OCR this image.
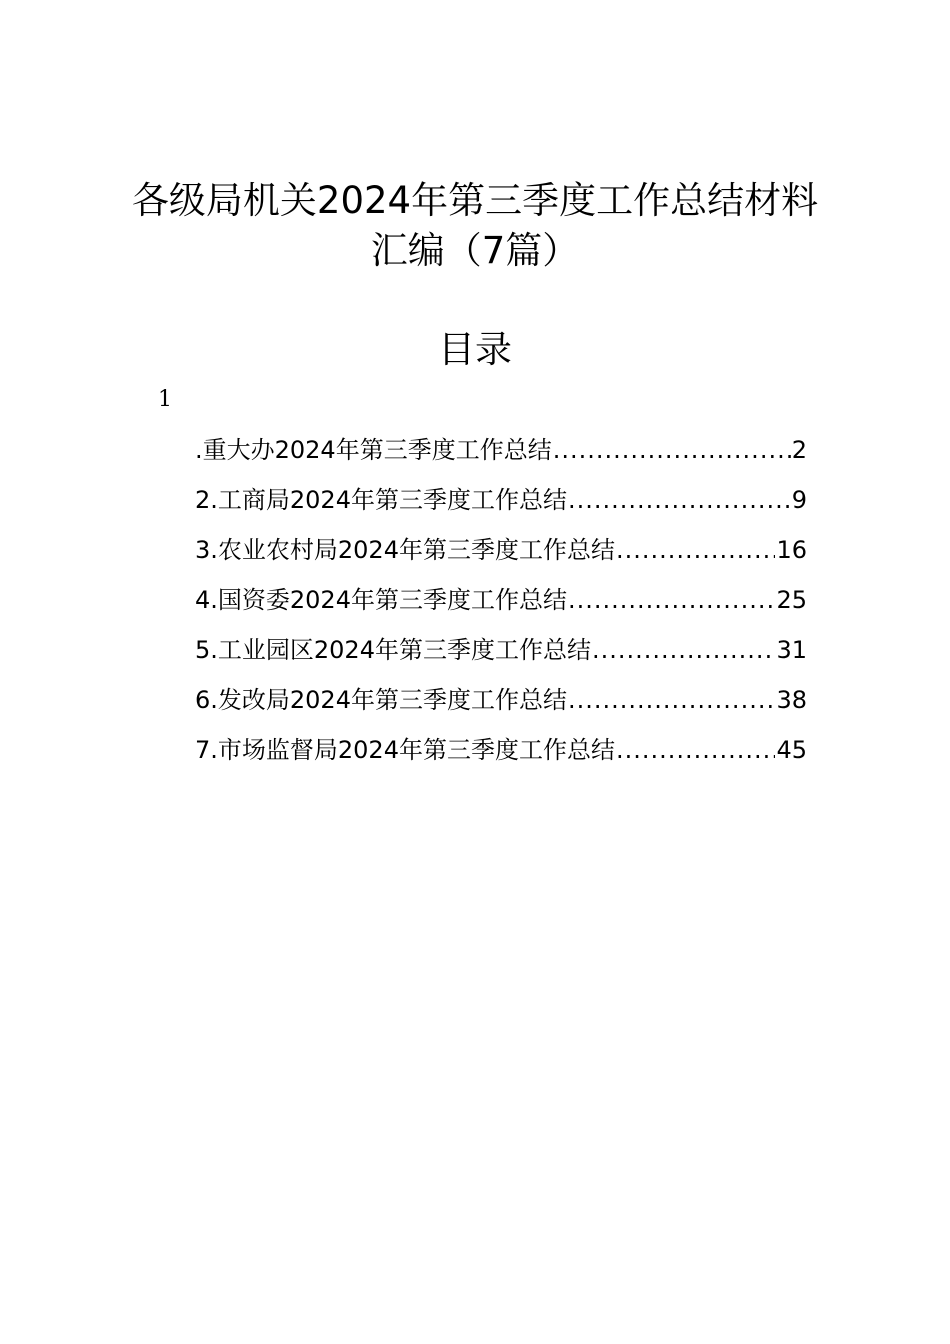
各级局机关2024年第三季度工作总结材料
汇编（7篇）
目录
1
.重大办2024年第三季度工作总结 .....	2
2.工商局2024年第三季度工作总结 .....	9
3.农业农村局2024年第三季度工作总结 .....	16
4.国资委2024年第三季度工作总结 .....	25
5.工业园区2024年第三季度工作总结 .....	31
6.发改局2024年第三季度工作总结 .....	38
7.市场监督局2024年第三季度工作总结 .....	45
